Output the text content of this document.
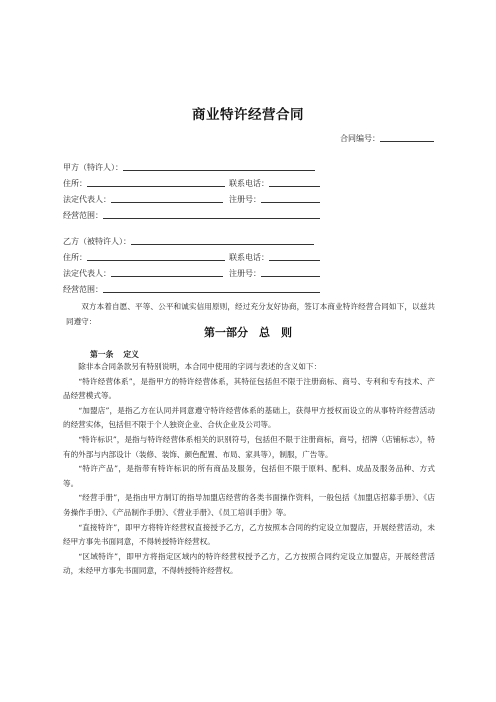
商业特许经营合同
合同编号：
甲方（特许人）：
住所：	联系电话：
法定代表人：	注册号：
经营范围：
乙方（被特许人）：
住所：	联系电话：
法定代表人：	注册号：
经营范围：

双方本着自愿、平等、公平和诚实信用原则，经过充分友好协商，签订本商业特许经营合同如下，以兹共同遵守：

第一部分　总　则
第一条 定义

除非本合同条款另有特别说明，本合同中使用的字词与表述的含义如下：

“特许经营体系”，是指甲方的特许经营体系，其特征包括但不限于注册商标、商号、专利和专有技术、产品经营模式等。

“加盟店”，是指乙方在认同并同意遵守特许经营体系的基础上，获得甲方授权而设立的从事特许经营活动的经营实体，包括但不限于个人独资企业、合伙企业及公司等。

“特许标识”，是指与特许经营体系相关的识别符号，包括但不限于注册商标，商号，招牌（店铺标志），特有的外部与内部设计（装修、装饰、颜色配置、布局、家具等），制服，广告等。

“特许产品”，是指带有特许标识的所有商品及服务，包括但不限于原料、配料、成品及服务品种、方式等。

“经营手册”，是指由甲方制订的指导加盟店经营的各类书面操作资料，一般包括《加盟店招募手册》、《店务操作手册》、《产品制作手册》、《营业手册》、《员工培训手册》等。

“直接特许”，即甲方将特许经营权直接授予乙方，乙方按照本合同的约定设立加盟店，开展经营活动，未经甲方事先书面同意，不得转授特许经营权。

“区域特许”，即甲方将指定区域内的特许经营权授予乙方，乙方按照合同约定设立加盟店，开展经营活动，未经甲方事先书面同意，不得转授特许经营权。
